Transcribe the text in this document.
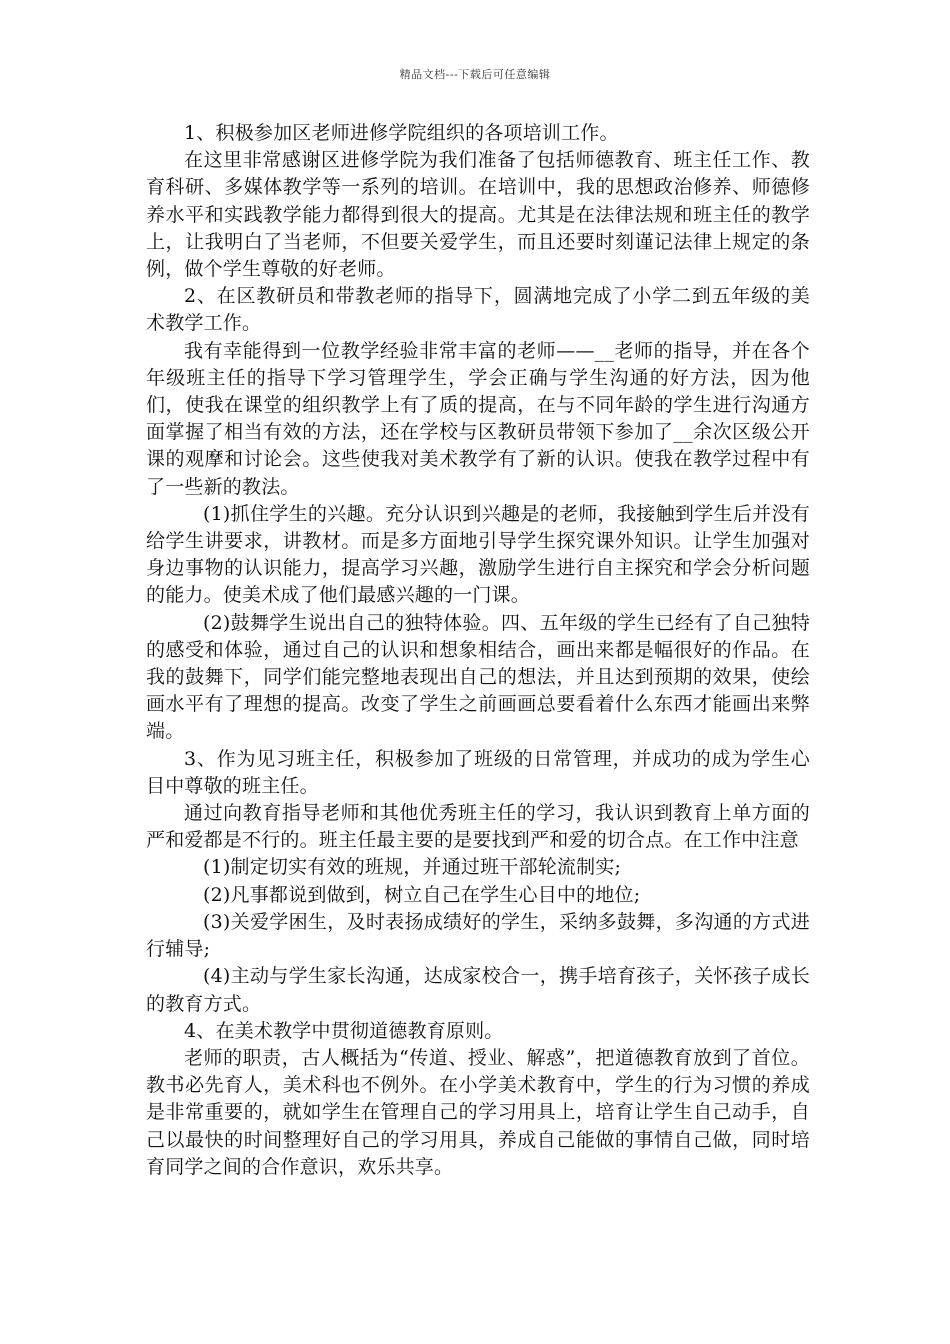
精品文档---下载后可任意编辑

1、积极参加区老师进修学院组织的各项培训工作。

在这里非常感谢区进修学院为我们准备了包括师德教育、班主任工作、教育科研、多媒体教学等一系列的培训。在培训中，我的思想政治修养、师德修养水平和实践教学能力都得到很大的提高。尤其是在法律法规和班主任的教学上，让我明白了当老师，不但要关爱学生，而且还要时刻谨记法律上规定的条例，做个学生尊敬的好老师。

2、在区教研员和带教老师的指导下，圆满地完成了小学二到五年级的美术教学工作。

我有幸能得到一位教学经验非常丰富的老师——__老师的指导，并在各个年级班主任的指导下学习管理学生，学会正确与学生沟通的好方法，因为他们，使我在课堂的组织教学上有了质的提高，在与不同年龄的学生进行沟通方面掌握了相当有效的方法，还在学校与区教研员带领下参加了__余次区级公开课的观摩和讨论会。这些使我对美术教学有了新的认识。使我在教学过程中有了一些新的教法。

(1)抓住学生的兴趣。充分认识到兴趣是的老师，我接触到学生后并没有给学生讲要求，讲教材。而是多方面地引导学生探究课外知识。让学生加强对身边事物的认识能力，提高学习兴趣，激励学生进行自主探究和学会分析问题的能力。使美术成了他们最感兴趣的一门课。

(2)鼓舞学生说出自己的独特体验。四、五年级的学生已经有了自己独特的感受和体验，通过自己的认识和想象相结合，画出来都是幅很好的作品。在我的鼓舞下，同学们能完整地表现出自己的想法，并且达到预期的效果，使绘画水平有了理想的提高。改变了学生之前画画总要看着什么东西才能画出来弊端。

3、作为见习班主任，积极参加了班级的日常管理，并成功的成为学生心目中尊敬的班主任。

通过向教育指导老师和其他优秀班主任的学习，我认识到教育上单方面的严和爱都是不行的。班主任最主要的是要找到严和爱的切合点。在工作中注意

(1)制定切实有效的班规，并通过班干部轮流制实;

(2)凡事都说到做到，树立自己在学生心目中的地位;

(3)关爱学困生，及时表扬成绩好的学生，采纳多鼓舞，多沟通的方式进行辅导;

(4)主动与学生家长沟通，达成家校合一，携手培育孩子，关怀孩子成长的教育方式。

4、在美术教学中贯彻道德教育原则。

老师的职责，古人概括为“传道、授业、解惑”，把道德教育放到了首位。教书必先育人，美术科也不例外。在小学美术教育中，学生的行为习惯的养成是非常重要的，就如学生在管理自己的学习用具上，培育让学生自己动手，自己以最快的时间整理好自己的学习用具，养成自己能做的事情自己做，同时培育同学之间的合作意识，欢乐共享。
